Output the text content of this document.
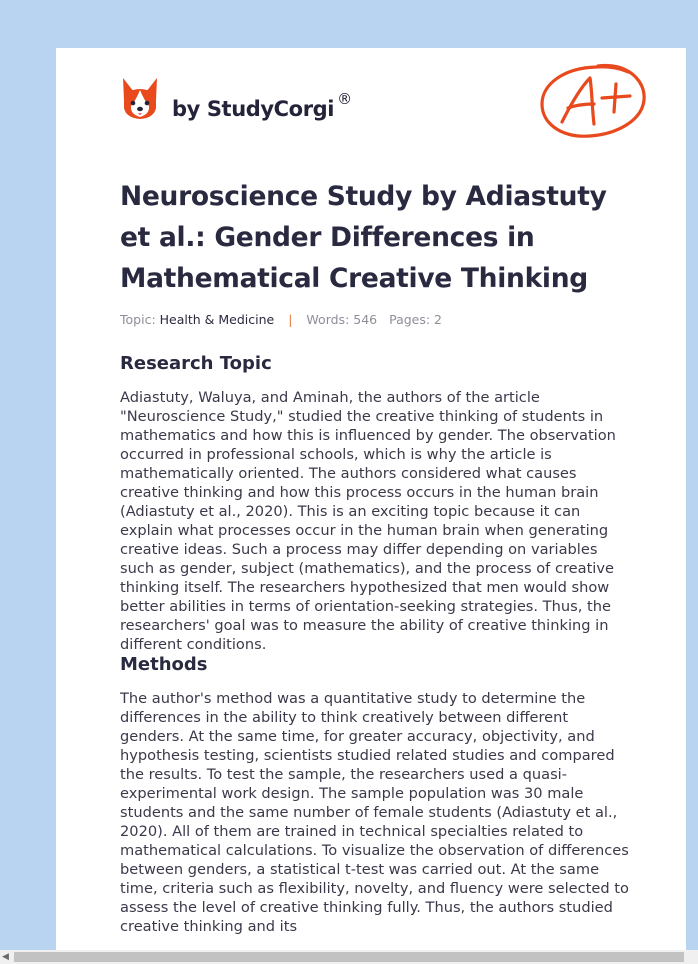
by StudyCorgi ®
Neuroscience Study by Adiastuty et al.: Gender Differences in Mathematical Creative Thinking
Topic: Health & Medicine | Words: 546 Pages: 2
Research Topic

Adiastuty, Waluya, and Aminah, the authors of the article "Neuroscience Study," studied the creative thinking of students in mathematics and how this is influenced by gender. The observation occurred in professional schools, which is why the article is mathematically oriented. The authors considered what causes creative thinking and how this process occurs in the human brain (Adiastuty et al., 2020). This is an exciting topic because it can explain what processes occur in the human brain when generating creative ideas. Such a process may differ depending on variables such as gender, subject (mathematics), and the process of creative thinking itself. The researchers hypothesized that men would show better abilities in terms of orientation-seeking strategies. Thus, the researchers' goal was to measure the ability of creative thinking in different conditions.

Methods

The author's method was a quantitative study to determine the differences in the ability to think creatively between different genders. At the same time, for greater accuracy, objectivity, and hypothesis testing, scientists studied related studies and compared the results. To test the sample, the researchers used a quasi-experimental work design. The sample population was 30 male students and the same number of female students (Adiastuty et al., 2020). All of them are trained in technical specialties related to mathematical calculations. To visualize the observation of differences between genders, a statistical t-test was carried out. At the same time, criteria such as flexibility, novelty, and fluency were selected to assess the level of creative thinking fully. Thus, the authors studied creative thinking and its

◀
